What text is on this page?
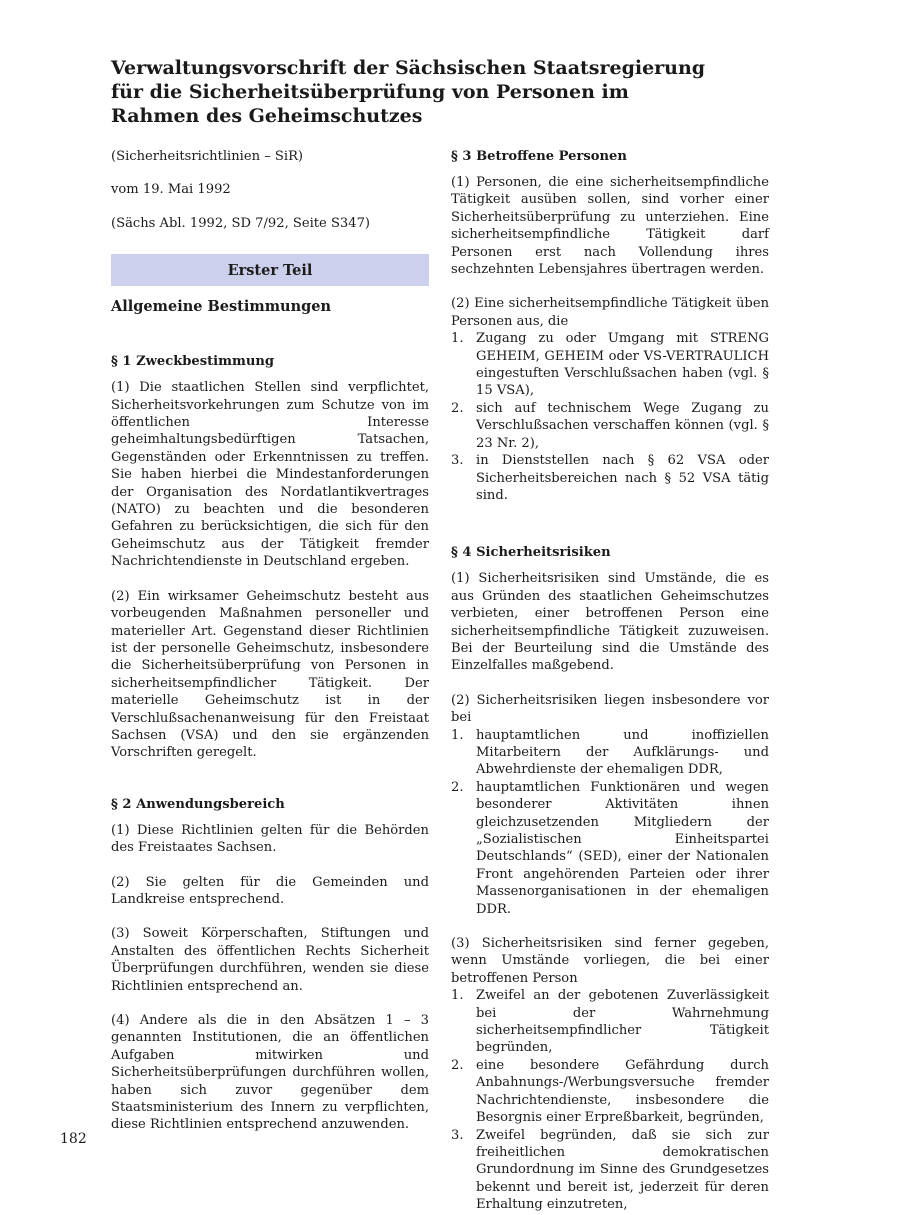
Verwaltungsvorschrift der Sächsischen Staatsregierung für die Sicherheitsüberprüfung von Personen im Rahmen des Geheimschutzes

(Sicherheitsrichtlinien – SiR)

vom 19. Mai 1992

(Sächs Abl. 1992, SD 7/92, Seite S347)

Erster Teil
Allgemeine Bestimmungen
§ 1 Zweckbestimmung

(1) Die staatlichen Stellen sind verpflichtet, Sicherheitsvorkehrungen zum Schutze von im öffentlichen Interesse geheimhaltungsbedürftigen Tatsachen, Gegenständen oder Erkenntnissen zu treffen. Sie haben hierbei die Mindestanforderungen der Organisation des Nordatlantikvertrages (NATO) zu beachten und die besonderen Gefahren zu berücksichtigen, die sich für den Geheimschutz aus der Tätigkeit fremder Nachrichtendienste in Deutschland ergeben.

(2) Ein wirksamer Geheimschutz besteht aus vorbeugenden Maßnahmen personeller und materieller Art. Gegenstand dieser Richtlinien ist der personelle Geheimschutz, insbesondere die Sicherheitsüberprüfung von Personen in sicherheitsempfindlicher Tätigkeit. Der materielle Geheimschutz ist in der Verschlußsachenanweisung für den Freistaat Sachsen (VSA) und den sie ergänzenden Vorschriften geregelt.

§ 2 Anwendungsbereich

(1) Diese Richtlinien gelten für die Behörden des Freistaates Sachsen.

(2) Sie gelten für die Gemeinden und Landkreise entsprechend.

(3) Soweit Körperschaften, Stiftungen und Anstalten des öffentlichen Rechts Sicherheit Überprüfungen durchführen, wenden sie diese Richtlinien entsprechend an.

(4) Andere als die in den Absätzen 1 – 3 genannten Institutionen, die an öffentlichen Aufgaben mitwirken und Sicherheitsüberprüfungen durchführen wollen, haben sich zuvor gegenüber dem Staatsministerium des Innern zu verpflichten, diese Richtlinien entsprechend anzuwenden.

§ 3 Betroffene Personen

(1) Personen, die eine sicherheitsempfindliche Tätigkeit ausüben sollen, sind vorher einer Sicherheitsüberprüfung zu unterziehen. Eine sicherheitsempfindliche Tätigkeit darf Personen erst nach Vollendung ihres sechzehnten Lebensjahres übertragen werden.

(2) Eine sicherheitsempfindliche Tätigkeit üben Personen aus, die

1. Zugang zu oder Umgang mit STRENG GEHEIM, GEHEIM oder VS-VERTRAULICH eingestuften Verschlußsachen haben (vgl. § 15 VSA),
2. sich auf technischem Wege Zugang zu Verschlußsachen verschaffen können (vgl. § 23 Nr. 2),
3. in Dienststellen nach § 62 VSA oder Sicherheitsbereichen nach § 52 VSA tätig sind.
§ 4 Sicherheitsrisiken

(1) Sicherheitsrisiken sind Umstände, die es aus Gründen des staatlichen Geheimschutzes verbieten, einer betroffenen Person eine sicherheitsempfindliche Tätigkeit zuzuweisen. Bei der Beurteilung sind die Umstände des Einzelfalles maßgebend.

(2) Sicherheitsrisiken liegen insbesondere vor bei

1. hauptamtlichen und inoffiziellen Mitarbeitern der Aufklärungs- und Abwehrdienste der ehemaligen DDR,
2. hauptamtlichen Funktionären und wegen besonderer Aktivitäten ihnen gleichzusetzenden Mitgliedern der „Sozialistischen Einheitspartei Deutschlands“ (SED), einer der Nationalen Front angehörenden Parteien oder ihrer Massenorganisationen in der ehemaligen DDR.

(3) Sicherheitsrisiken sind ferner gegeben, wenn Umstände vorliegen, die bei einer betroffenen Person

1. Zweifel an der gebotenen Zuverlässigkeit bei der Wahrnehmung sicherheitsempfindlicher Tätigkeit begründen,
2. eine besondere Gefährdung durch Anbahnungs-/Werbungsversuche fremder Nachrichtendienste, insbesondere die Besorgnis einer Erpreßbarkeit, begründen,
3. Zweifel begründen, daß sie sich zur freiheitlichen demokratischen Grundordnung im Sinne des Grundgesetzes bekennt und bereit ist, jederzeit für deren Erhaltung einzutreten,
182
